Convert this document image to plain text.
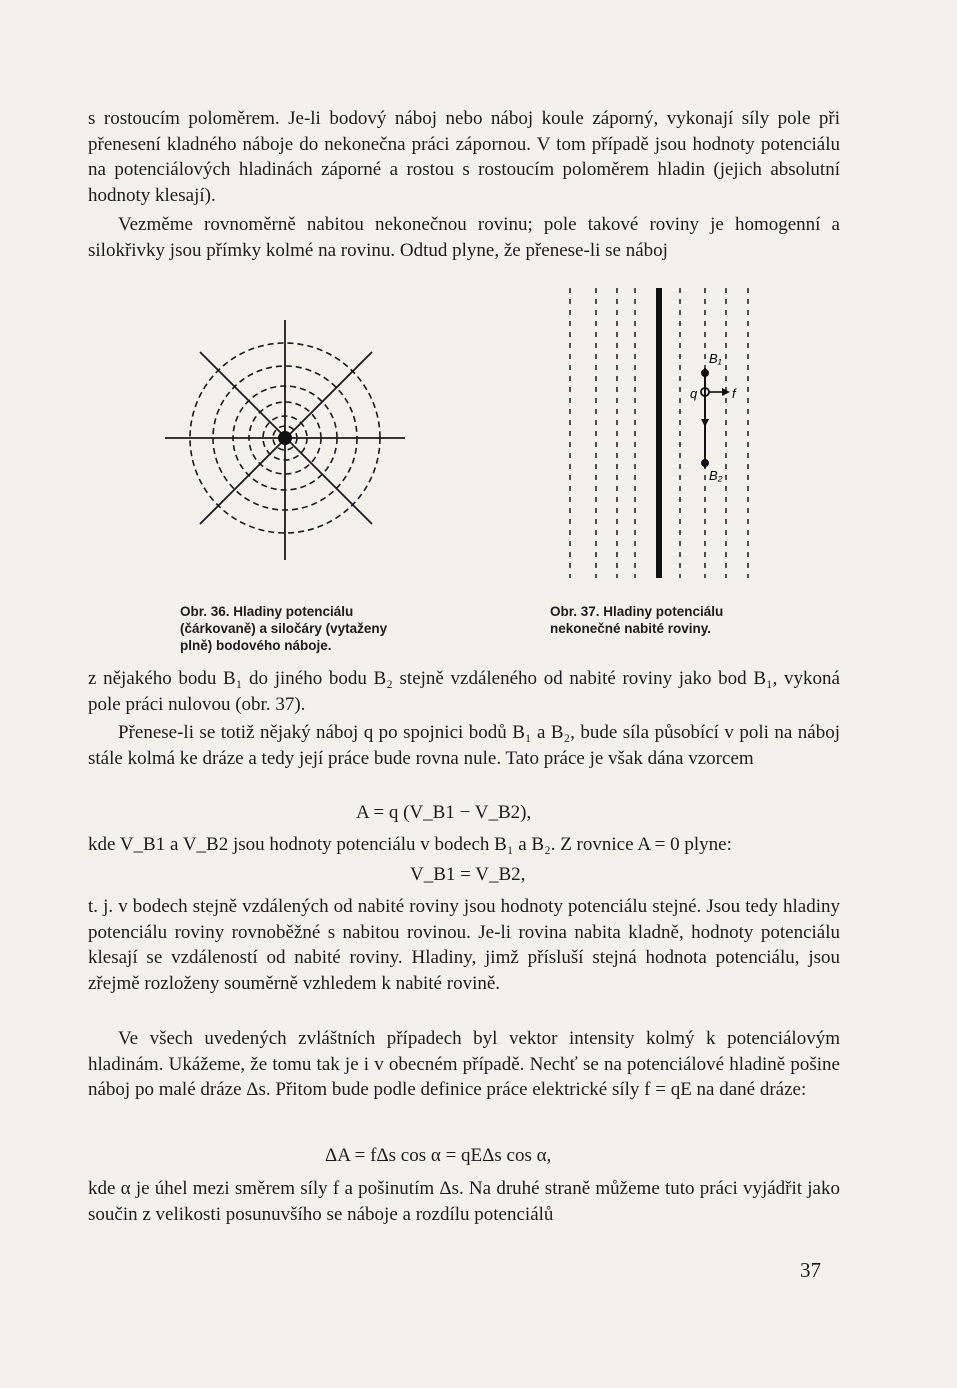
s rostoucím poloměrem. Je-li bodový náboj nebo náboj koule záporný, vykonají síly pole při přenesení kladného náboje do nekonečna práci zápornou. V tom případě jsou hodnoty potenciálu na potenciálových hladinách záporné a rostou s rostoucím poloměrem hladin (jejich absolutní hodnoty klesají).

Vezměme rovnoměrně nabitou nekonečnou rovinu; pole takové roviny je homogenní a silokřivky jsou přímky kolmé na rovinu. Odtud plyne, že přenese-li se náboj

B₁
B₂
q	f

Obr. 36. Hladiny potenciálu (čárkovaně) a siločáry (vytaženy plně) bodového náboje.

Obr. 37. Hladiny potenciálu nekonečné nabité roviny.

z nějakého bodu B₁ do jiného bodu B₂ stejně vzdáleného od nabité roviny jako bod B₁, vykoná pole práci nulovou (obr. 37).

Přenese-li se totiž nějaký náboj q po spojnici bodů B₁ a B₂, bude síla působící v poli na náboj stále kolmá ke dráze a tedy její práce bude rovna nule. Tato práce je však dána vzorcem

A = q (V_B1 − V_B2),

kde V_B1 a V_B2 jsou hodnoty potenciálu v bodech B₁ a B₂. Z rovnice A = 0 plyne:

V_B1 = V_B2,

t. j. v bodech stejně vzdálených od nabité roviny jsou hodnoty potenciálu stejné. Jsou tedy hladiny potenciálu roviny rovnoběžné s nabitou rovinou. Je-li rovina nabita kladně, hodnoty potenciálu klesají se vzdáleností od nabité roviny. Hladiny, jimž přísluší stejná hodnota potenciálu, jsou zřejmě rozloženy souměrně vzhledem k nabité rovině.

Ve všech uvedených zvláštních případech byl vektor intensity kolmý k potenciálovým hladinám. Ukážeme, že tomu tak je i v obecném případě. Nechť se na potenciálové hladině pošine náboj po malé dráze Δs. Přitom bude podle definice práce elektrické síly f = qE na dané dráze:

ΔA = fΔs cos α = qEΔs cos α,

kde α je úhel mezi směrem síly f a pošinutím Δs. Na druhé straně můžeme tuto práci vyjádřit jako součin z velikosti posunuvšího se náboje a rozdílu potenciálů

37
